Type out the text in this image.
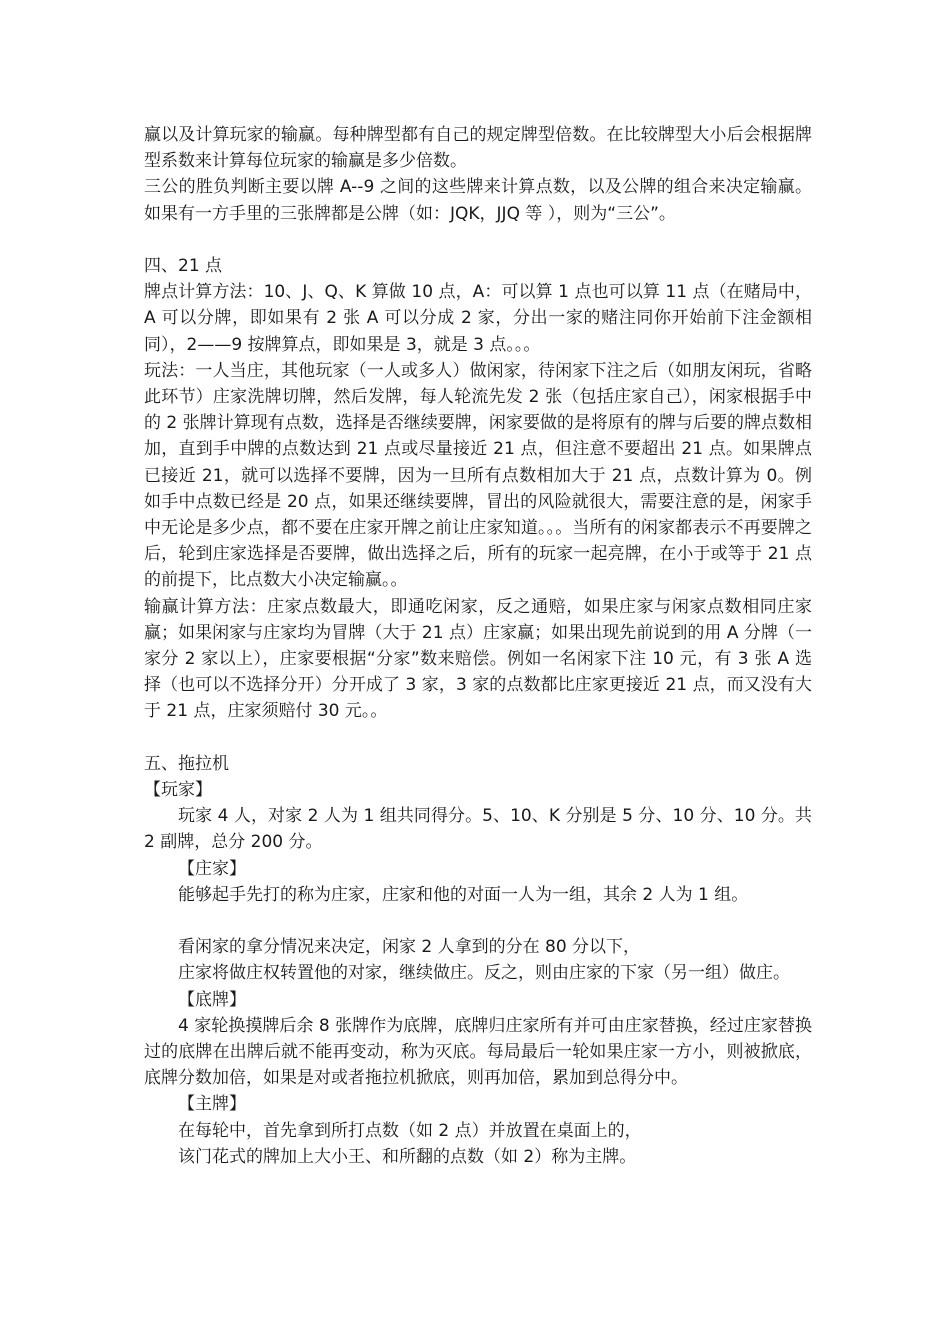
赢以及计算玩家的输赢。每种牌型都有自己的规定牌型倍数。在比较牌型大小后会根据牌型系数来计算每位玩家的输赢是多少倍数。

三公的胜负判断主要以牌 A--9 之间的这些牌来计算点数，以及公牌的组合来决定输赢。如果有一方手里的三张牌都是公牌（如：JQK，JJQ 等 ），则为“三公”。

四、21 点

牌点计算方法：10、J、Q、K 算做 10 点，A：可以算 1 点也可以算 11 点（在赌局中，A 可以分牌，即如果有 2 张 A 可以分成 2 家，分出一家的赌注同你开始前下注金额相同），2——9 按牌算点，即如果是 3，就是 3 点。。。

玩法：一人当庄，其他玩家（一人或多人）做闲家，待闲家下注之后（如朋友闲玩，省略此环节）庄家洗牌切牌，然后发牌，每人轮流先发 2 张（包括庄家自己），闲家根据手中的 2 张牌计算现有点数，选择是否继续要牌，闲家要做的是将原有的牌与后要的牌点数相加，直到手中牌的点数达到 21 点或尽量接近 21 点，但注意不要超出 21 点。如果牌点已接近 21，就可以选择不要牌，因为一旦所有点数相加大于 21 点，点数计算为 0。例如手中点数已经是 20 点，如果还继续要牌，冒出的风险就很大，需要注意的是，闲家手中无论是多少点，都不要在庄家开牌之前让庄家知道。。。当所有的闲家都表示不再要牌之后，轮到庄家选择是否要牌，做出选择之后，所有的玩家一起亮牌，在小于或等于 21 点的前提下，比点数大小决定输赢。。

输赢计算方法：庄家点数最大，即通吃闲家，反之通赔，如果庄家与闲家点数相同庄家赢；如果闲家与庄家均为冒牌（大于 21 点）庄家赢；如果出现先前说到的用 A 分牌（一家分 2 家以上），庄家要根据“分家”数来赔偿。例如一名闲家下注 10 元，有 3 张 A 选择（也可以不选择分开）分开成了 3 家，3 家的点数都比庄家更接近 21 点，而又没有大于 21 点，庄家须赔付 30 元。。

五、拖拉机

【玩家】

玩家 4 人，对家 2 人为 1 组共同得分。5、10、K 分别是 5 分、10 分、10 分。共 2 副牌，总分 200 分。

【庄家】

能够起手先打的称为庄家，庄家和他的对面一人为一组，其余 2 人为 1 组。

看闲家的拿分情况来决定，闲家 2 人拿到的分在 80 分以下，

庄家将做庄权转置他的对家，继续做庄。反之，则由庄家的下家（另一组）做庄。

【底牌】

4 家轮换摸牌后余 8 张牌作为底牌，底牌归庄家所有并可由庄家替换，经过庄家替换过的底牌在出牌后就不能再变动，称为灭底。每局最后一轮如果庄家一方小，则被掀底，底牌分数加倍，如果是对或者拖拉机掀底，则再加倍，累加到总得分中。

【主牌】

在每轮中，首先拿到所打点数（如 2 点）并放置在桌面上的，

该门花式的牌加上大小王、和所翻的点数（如 2）称为主牌。
